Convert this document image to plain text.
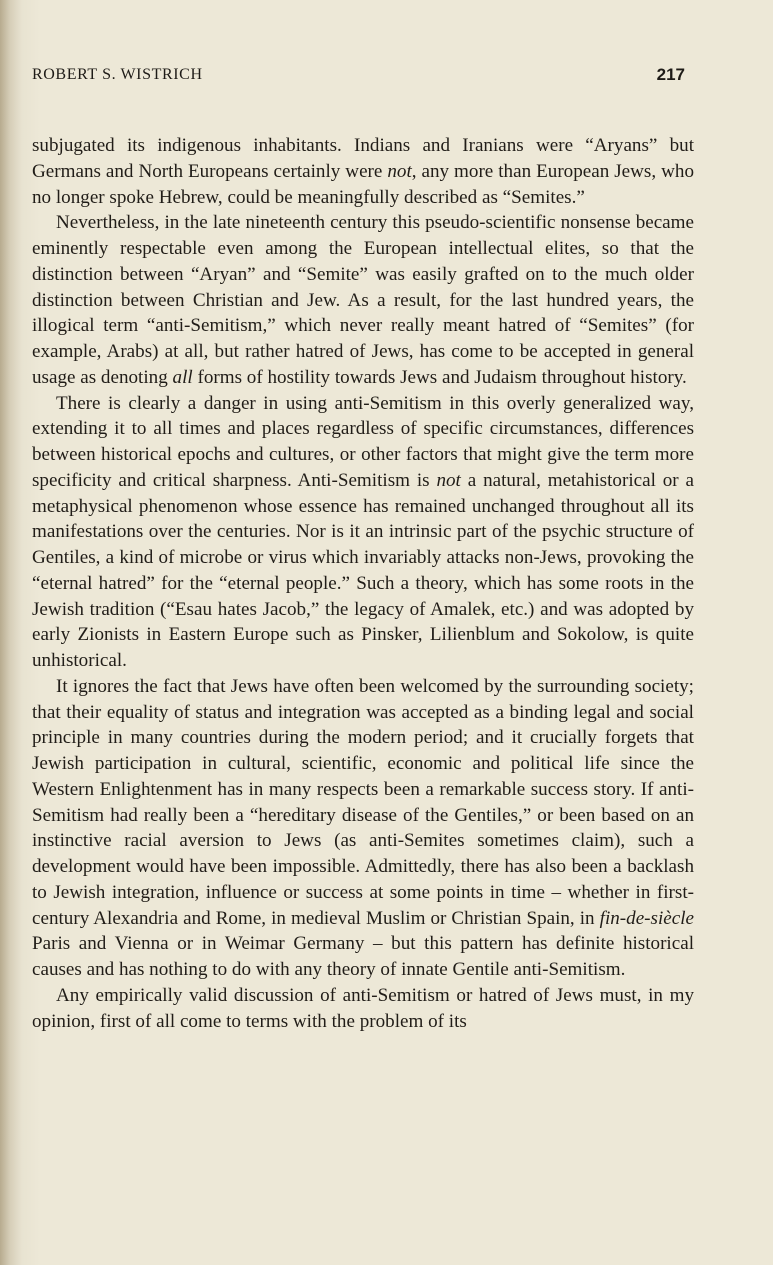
ROBERT S. WISTRICH	217

subjugated its indigenous inhabitants. Indians and Iranians were “Aryans” but Germans and North Europeans certainly were not, any more than European Jews, who no longer spoke Hebrew, could be meaningfully described as “Semites.”

Nevertheless, in the late nineteenth century this pseudo-scientific nonsense became eminently respectable even among the European intellectual elites, so that the distinction between “Aryan” and “Semite” was easily grafted on to the much older distinction between Christian and Jew. As a result, for the last hundred years, the illogical term “anti-Semitism,” which never really meant hatred of “Semites” (for example, Arabs) at all, but rather hatred of Jews, has come to be accepted in general usage as denoting all forms of hostility towards Jews and Judaism throughout history.

There is clearly a danger in using anti-Semitism in this overly generalized way, extending it to all times and places regardless of specific circumstances, differences between historical epochs and cultures, or other factors that might give the term more specificity and critical sharpness. Anti-Semitism is not a natural, metahistorical or a metaphysical phenomenon whose essence has remained unchanged throughout all its manifestations over the centuries. Nor is it an intrinsic part of the psychic structure of Gentiles, a kind of microbe or virus which invariably attacks non-Jews, provoking the “eternal hatred” for the “eternal people.” Such a theory, which has some roots in the Jewish tradition (“Esau hates Jacob,” the legacy of Amalek, etc.) and was adopted by early Zionists in Eastern Europe such as Pinsker, Lilienblum and Sokolow, is quite unhistorical.

It ignores the fact that Jews have often been welcomed by the surrounding society; that their equality of status and integration was accepted as a binding legal and social principle in many countries during the modern period; and it crucially forgets that Jewish participation in cultural, scientific, economic and political life since the Western Enlightenment has in many respects been a remarkable success story. If anti-Semitism had really been a “hereditary disease of the Gentiles,” or been based on an instinctive racial aversion to Jews (as anti-Semites sometimes claim), such a development would have been impossible. Admittedly, there has also been a backlash to Jewish integration, influence or success at some points in time – whether in first-century Alexandria and Rome, in medieval Muslim or Christian Spain, in fin-de-siècle Paris and Vienna or in Weimar Germany – but this pattern has definite historical causes and has nothing to do with any theory of innate Gentile anti-Semitism.

Any empirically valid discussion of anti-Semitism or hatred of Jews must, in my opinion, first of all come to terms with the problem of its
